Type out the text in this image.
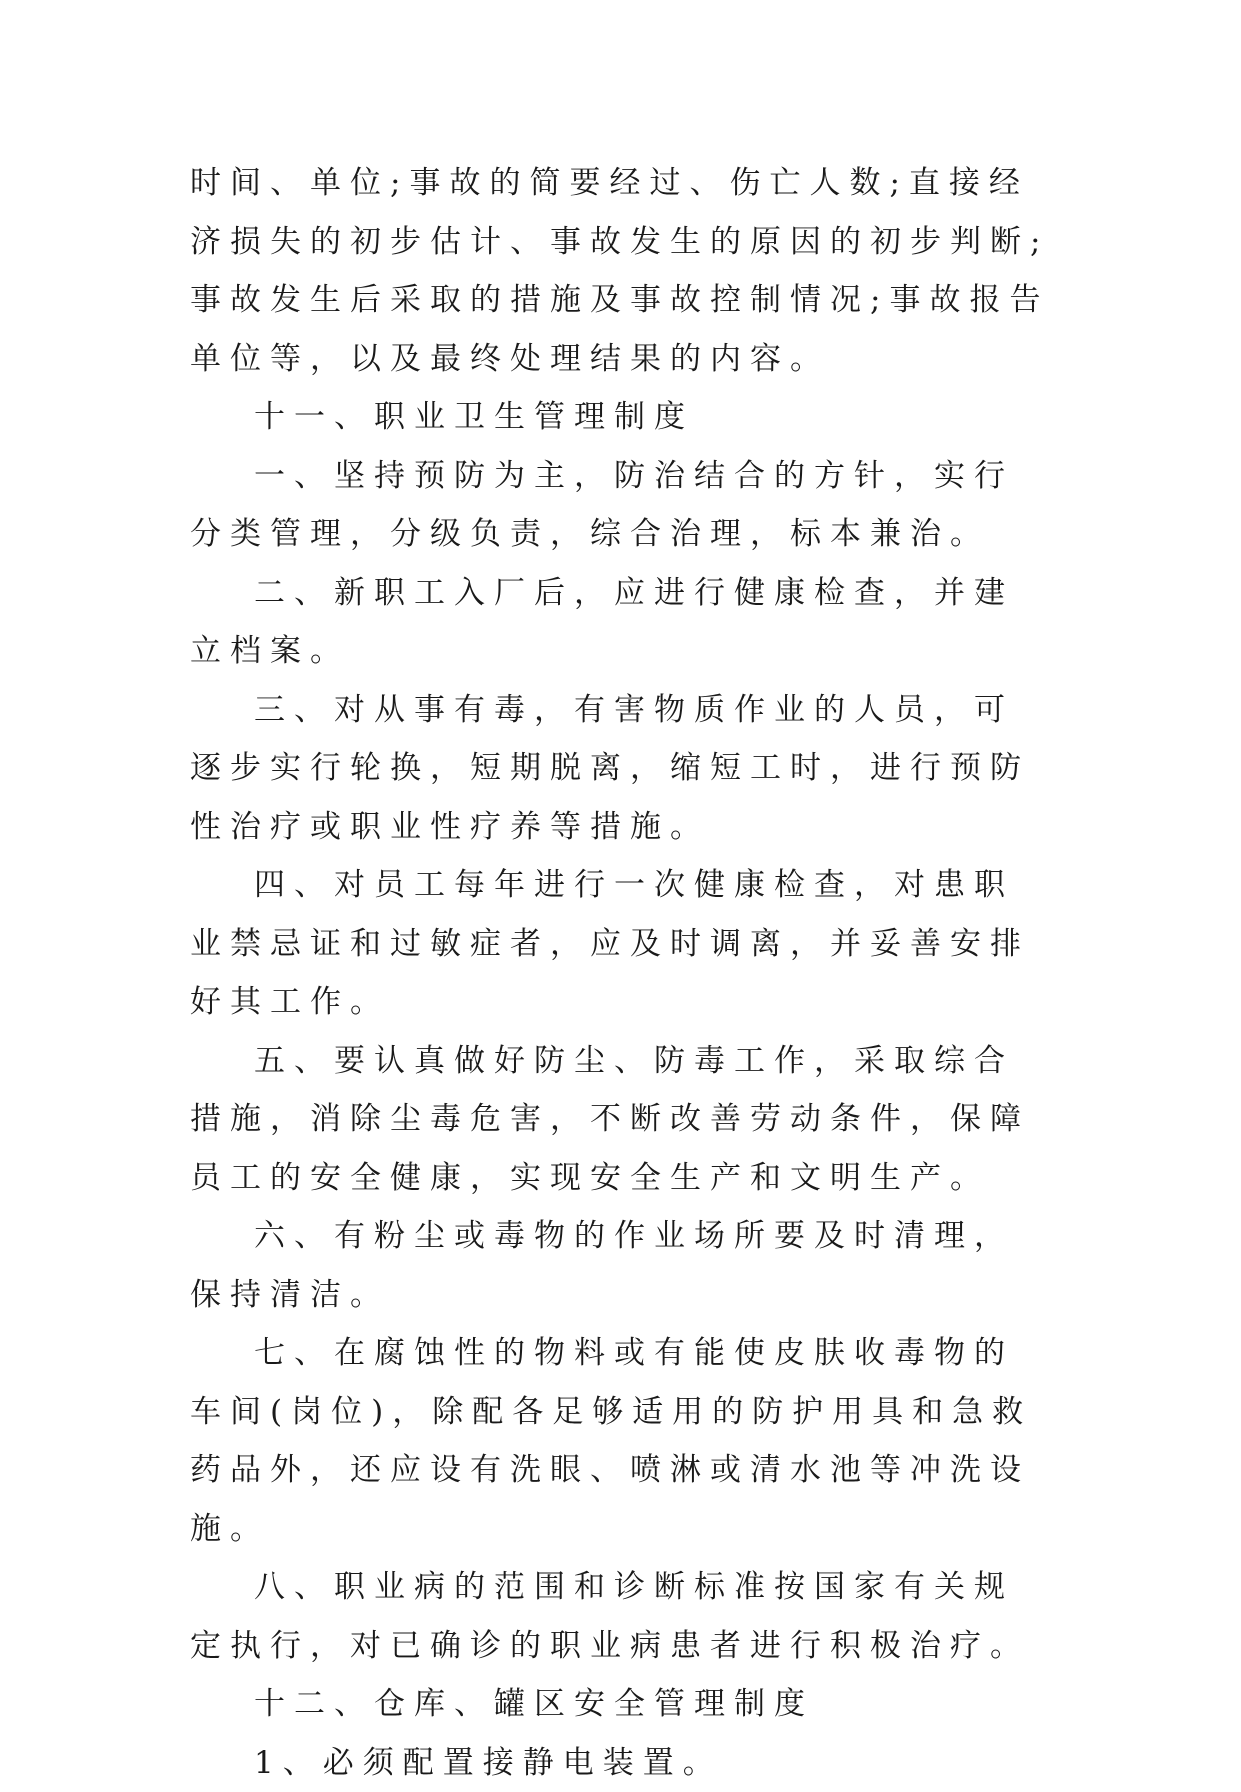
时间、单位;事故的简要经过、伤亡人数;直接经济损失的初步估计、事故发生的原因的初步判断;事故发生后采取的措施及事故控制情况;事故报告单位等，以及最终处理结果的内容。

十一、职业卫生管理制度

一、坚持预防为主，防治结合的方针，实行分类管理，分级负责，综合治理，标本兼治。

二、新职工入厂后，应进行健康检查，并建立档案。

三、对从事有毒，有害物质作业的人员，可逐步实行轮换，短期脱离，缩短工时，进行预防性治疗或职业性疗养等措施。

四、对员工每年进行一次健康检查，对患职业禁忌证和过敏症者，应及时调离，并妥善安排好其工作。

五、要认真做好防尘、防毒工作，采取综合措施，消除尘毒危害，不断改善劳动条件，保障员工的安全健康，实现安全生产和文明生产。

六、有粉尘或毒物的作业场所要及时清理，保持清洁。

七、在腐蚀性的物料或有能使皮肤收毒物的车间(岗位)，除配各足够适用的防护用具和急救药品外，还应设有洗眼、喷淋或清水池等冲洗设施。

八、职业病的范围和诊断标准按国家有关规定执行，对已确诊的职业病患者进行积极治疗。

十二、仓库、罐区安全管理制度

1、必须配置接静电装置。
